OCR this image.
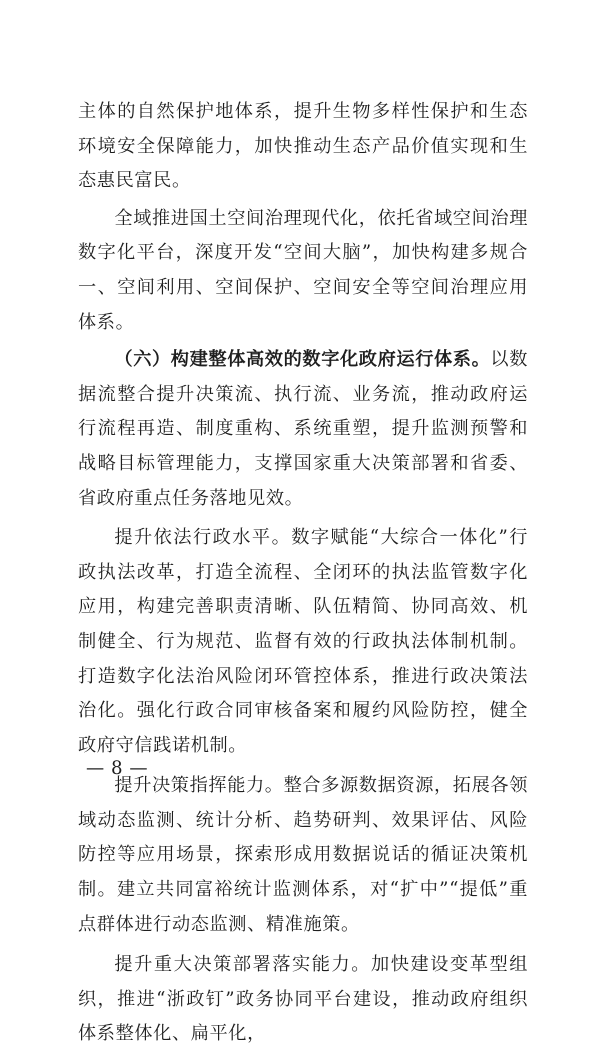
主体的自然保护地体系，提升生物多样性保护和生态环境安全保障能力，加快推动生态产品价值实现和生态惠民富民。

全域推进国土空间治理现代化，依托省域空间治理数字化平台，深度开发“空间大脑”，加快构建多规合一、空间利用、空间保护、空间安全等空间治理应用体系。

（六）构建整体高效的数字化政府运行体系。以数据流整合提升决策流、执行流、业务流，推动政府运行流程再造、制度重构、系统重塑，提升监测预警和战略目标管理能力，支撑国家重大决策部署和省委、省政府重点任务落地见效。

提升依法行政水平。数字赋能“大综合一体化”行政执法改革，打造全流程、全闭环的执法监管数字化应用，构建完善职责清晰、队伍精简、协同高效、机制健全、行为规范、监督有效的行政执法体制机制。打造数字化法治风险闭环管控体系，推进行政决策法治化。强化行政合同审核备案和履约风险防控，健全政府守信践诺机制。

提升决策指挥能力。整合多源数据资源，拓展各领域动态监测、统计分析、趋势研判、效果评估、风险防控等应用场景，探索形成用数据说话的循证决策机制。建立共同富裕统计监测体系，对“扩中”“提低”重点群体进行动态监测、精准施策。

提升重大决策部署落实能力。加快建设变革型组织，推进“浙政钉”政务协同平台建设，推动政府组织体系整体化、扁平化，

— 8 —
